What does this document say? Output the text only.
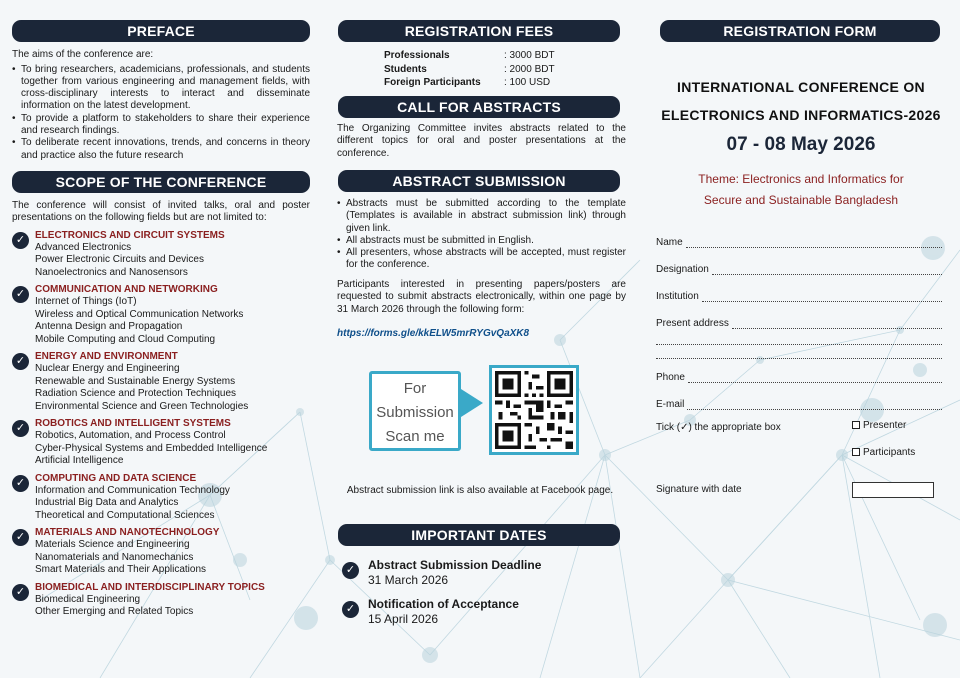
PREFACE
The aims of the conference are:
• To bring researchers, academicians, professionals, and students together from various engineering and management fields, with cross-disciplinary interests to interact and disseminate information on the latest development.
• To provide a platform to stakeholders to share their experience and research findings.
• To deliberate recent innovations, trends, and concerns in theory and practice also the future research
SCOPE OF THE CONFERENCE

The conference will consist of invited talks, oral and poster presentations on the following fields but are not limited to:

✓ ELECTRONICS AND CIRCUIT SYSTEMS
Advanced Electronics
Power Electronic Circuits and Devices
Nanoelectronics and Nanosensors
✓ COMMUNICATION AND NETWORKING
Internet of Things (IoT)
Wireless and Optical Communication Networks
Antenna Design and Propagation
Mobile Computing and Cloud Computing
✓ ENERGY AND ENVIRONMENT
Nuclear Energy and Engineering
Renewable and Sustainable Energy Systems
Radiation Science and Protection Techniques
Environmental Science and Green Technologies
✓ ROBOTICS AND INTELLIGENT SYSTEMS
Robotics, Automation, and Process Control
Cyber-Physical Systems and Embedded Intelligence
Artificial Intelligence
✓ COMPUTING AND DATA SCIENCE
Information and Communication Technology
Industrial Big Data and Analytics
Theoretical and Computational Sciences
✓ MATERIALS AND NANOTECHNOLOGY
Materials Science and Engineering
Nanomaterials and Nanomechanics
Smart Materials and Their Applications
✓ BIOMEDICAL AND INTERDISCIPLINARY TOPICS
Biomedical Engineering
Other Emerging and Related Topics
REGISTRATION FEES
Professionals	: 3000 BDT
Students	: 2000 BDT
Foreign Participants	: 100 USD
CALL FOR ABSTRACTS

The Organizing Committee invites abstracts related to the different topics for oral and poster presentations at the conference.

ABSTRACT SUBMISSION
• Abstracts must be submitted according to the template (Templates is available in abstract submission link) through given link.
• All abstracts must be submitted in English.
• All presenters, whose abstracts will be accepted, must register for the conference.

Participants interested in presenting papers/posters are requested to submit abstracts electronically, within one page by 31 March 2026 through the following form:

https://forms.gle/kkELW5mrRYGvQaXK8
For
Submission
Scan me
Abstract submission link is also available at Facebook page.
IMPORTANT DATES
✓	Abstract Submission Deadline
31 March 2026
✓	Notification of Acceptance
15 April 2026
REGISTRATION FORM
INTERNATIONAL CONFERENCE ON
ELECTRONICS AND INFORMATICS-2026
07 - 08 May 2026
Theme: Electronics and Informatics for
Secure and Sustainable Bangladesh
Name
Designation
Institution
Present address
Phone
E-mail
Tick (✓) the appropriate box	Presenter
Participants
Signature with date
